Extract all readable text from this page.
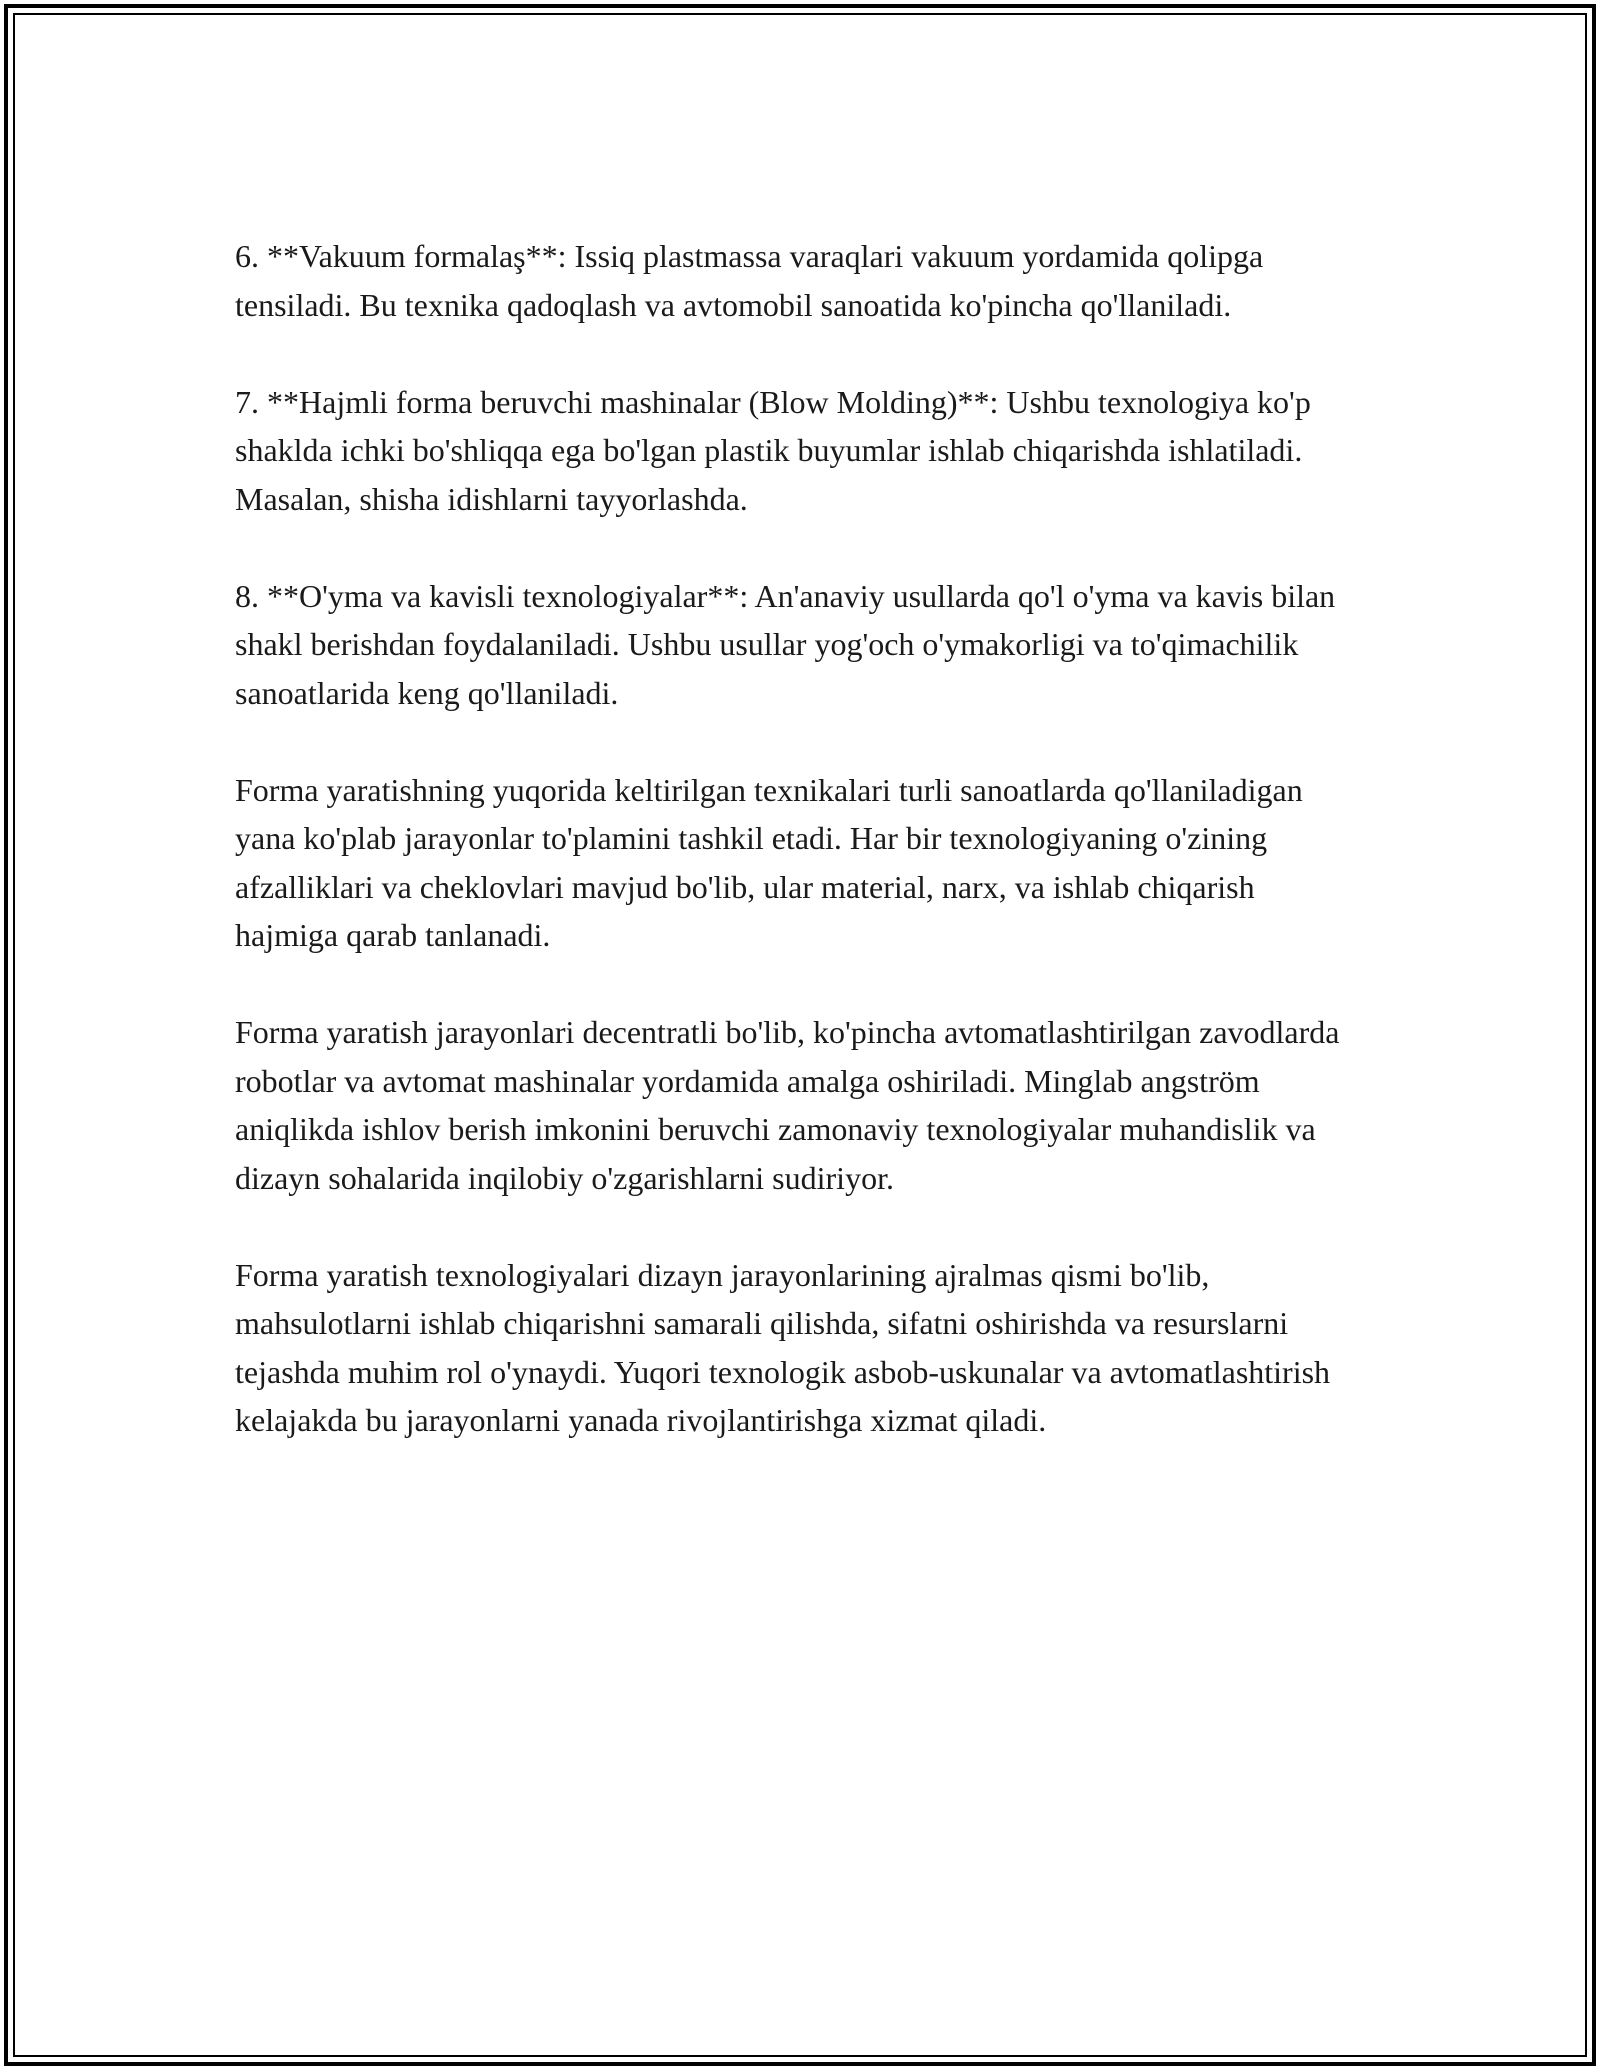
6. **Vakuum formalaş**: Issiq plastmassa varaqlari vakuum yordamida qolipga tensiladi. Bu texnika qadoqlash va avtomobil sanoatida ko'pincha qo'llaniladi.

7. **Hajmli forma beruvchi mashinalar (Blow Molding)**: Ushbu texnologiya ko'p shaklda ichki bo'shliqqa ega bo'lgan plastik buyumlar ishlab chiqarishda ishlatiladi. Masalan, shisha idishlarni tayyorlashda.

8. **O'yma va kavisli texnologiyalar**: An'anaviy usullarda qo'l o'yma va kavis bilan shakl berishdan foydalaniladi. Ushbu usullar yog'och o'ymakorligi va to'qimachilik sanoatlarida keng qo'llaniladi.

Forma yaratishning yuqorida keltirilgan texnikalari turli sanoatlarda qo'llaniladigan yana ko'plab jarayonlar to'plamini tashkil etadi. Har bir texnologiyaning o'zining afzalliklari va cheklovlari mavjud bo'lib, ular material, narx, va ishlab chiqarish hajmiga qarab tanlanadi.

Forma yaratish jarayonlari decentratli bo'lib, ko'pincha avtomatlashtirilgan zavodlarda robotlar va avtomat mashinalar yordamida amalga oshiriladi. Minglab angström aniqlikda ishlov berish imkonini beruvchi zamonaviy texnologiyalar muhandislik va dizayn sohalarida inqilobiy o'zgarishlarni sudiriyor.

Forma yaratish texnologiyalari dizayn jarayonlarining ajralmas qismi bo'lib, mahsulotlarni ishlab chiqarishni samarali qilishda, sifatni oshirishda va resurslarni tejashda muhim rol o'ynaydi. Yuqori texnologik asbob-uskunalar va avtomatlashtirish kelajakda bu jarayonlarni yanada rivojlantirishga xizmat qiladi.
